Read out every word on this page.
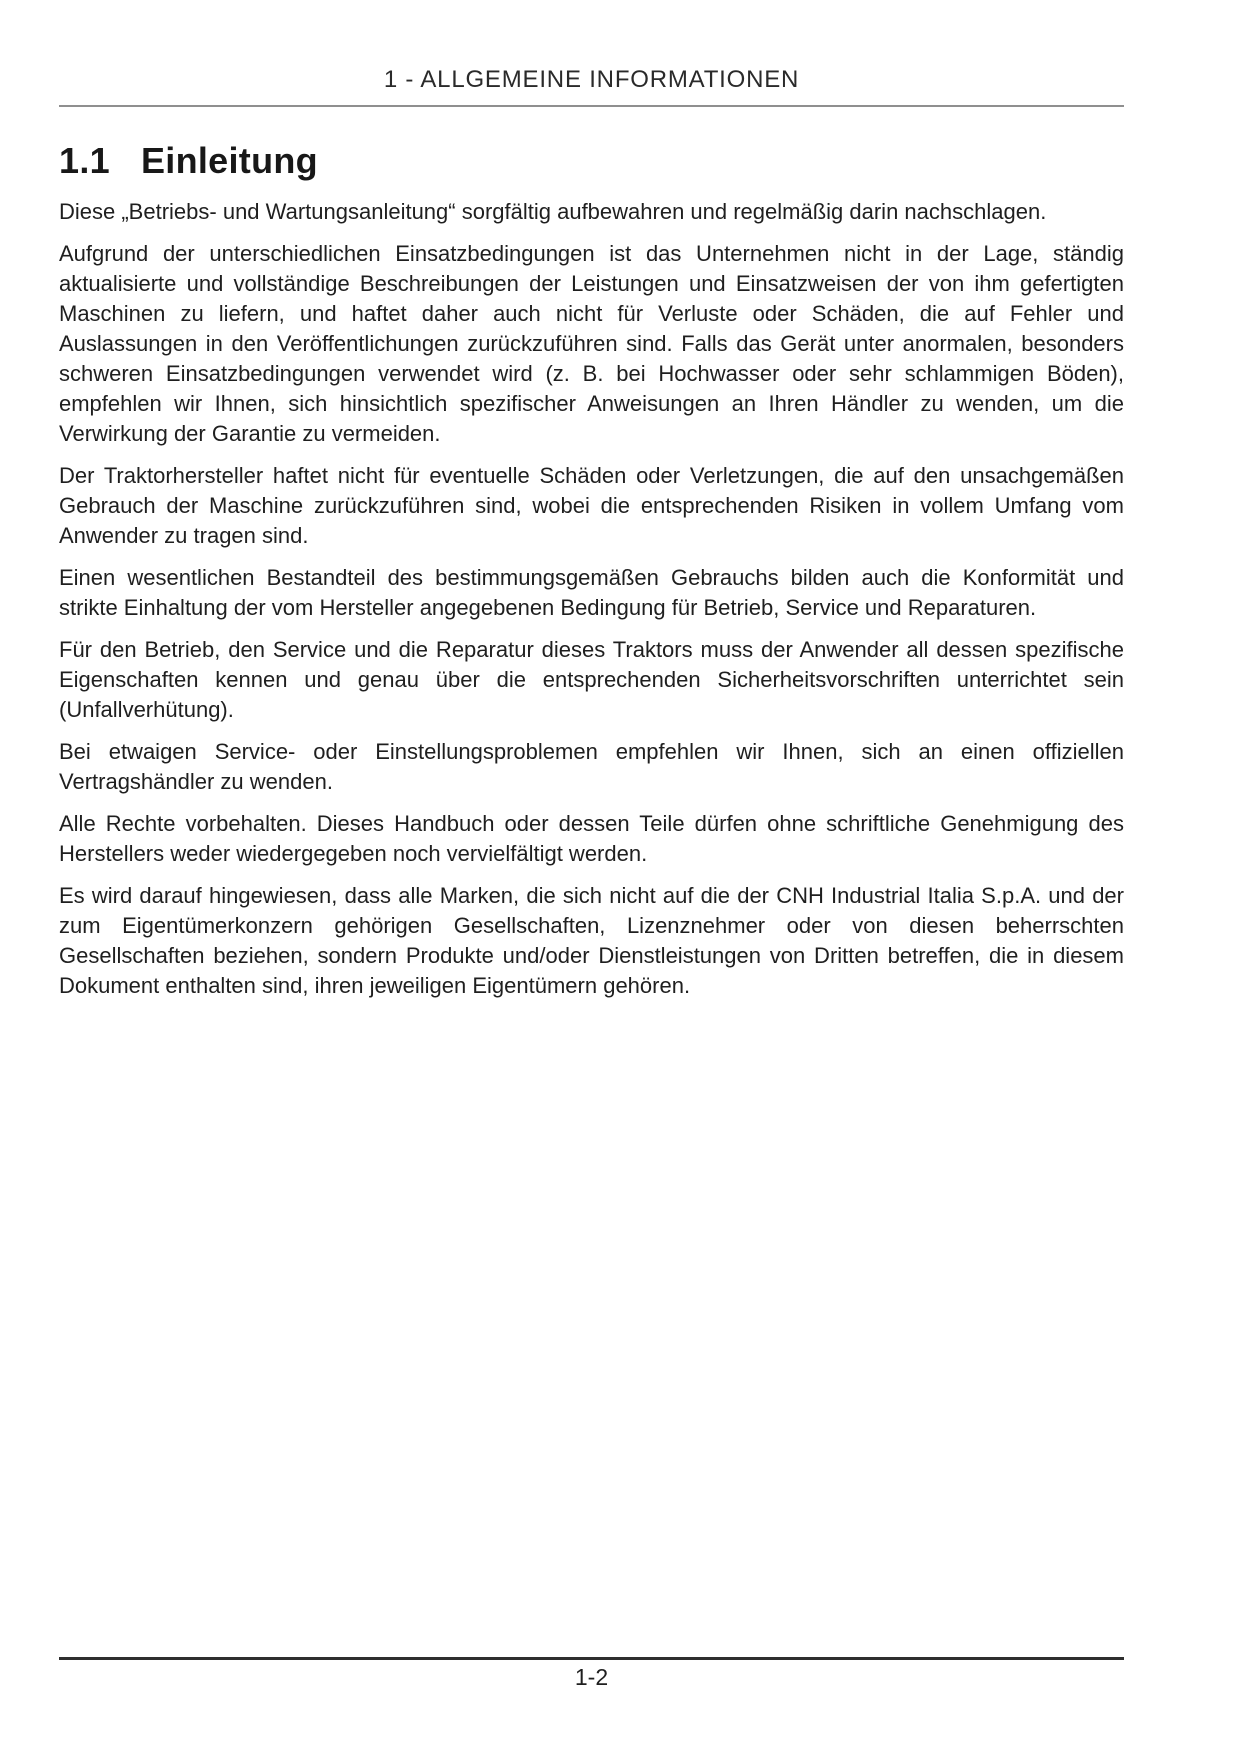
1 - ALLGEMEINE INFORMATIONEN
1.1 Einleitung

Diese „Betriebs- und Wartungsanleitung“ sorgfältig aufbewahren und regelmäßig darin nachschlagen.

Aufgrund der unterschiedlichen Einsatzbedingungen ist das Unternehmen nicht in der Lage, ständig aktualisierte und vollständige Beschreibungen der Leistungen und Einsatzweisen der von ihm gefertigten Maschinen zu liefern, und haftet daher auch nicht für Verluste oder Schäden, die auf Fehler und Auslassungen in den Veröffentlichungen zurückzuführen sind. Falls das Gerät unter anormalen, besonders schweren Einsatzbedingungen verwendet wird (z. B. bei Hochwasser oder sehr schlammigen Böden), empfehlen wir Ihnen, sich hinsichtlich spezifischer Anweisungen an Ihren Händler zu wenden, um die Verwirkung der Garantie zu vermeiden.

Der Traktorhersteller haftet nicht für eventuelle Schäden oder Verletzungen, die auf den unsachgemäßen Gebrauch der Maschine zurückzuführen sind, wobei die entsprechenden Risiken in vollem Umfang vom Anwender zu tragen sind.

Einen wesentlichen Bestandteil des bestimmungsgemäßen Gebrauchs bilden auch die Konformität und strikte Einhaltung der vom Hersteller angegebenen Bedingung für Betrieb, Service und Reparaturen.

Für den Betrieb, den Service und die Reparatur dieses Traktors muss der Anwender all dessen spezifische Eigenschaften kennen und genau über die entsprechenden Sicherheitsvorschriften unterrichtet sein (Unfallverhütung).

Bei etwaigen Service- oder Einstellungsproblemen empfehlen wir Ihnen, sich an einen offiziellen Vertragshändler zu wenden.

Alle Rechte vorbehalten. Dieses Handbuch oder dessen Teile dürfen ohne schriftliche Genehmigung des Herstellers weder wiedergegeben noch vervielfältigt werden.

Es wird darauf hingewiesen, dass alle Marken, die sich nicht auf die der CNH Industrial Italia S.p.A. und der zum Eigentümerkonzern gehörigen Gesellschaften, Lizenznehmer oder von diesen beherrschten Gesellschaften beziehen, sondern Produkte und/oder Dienstleistungen von Dritten betreffen, die in diesem Dokument enthalten sind, ihren jeweiligen Eigentümern gehören.

1-2
